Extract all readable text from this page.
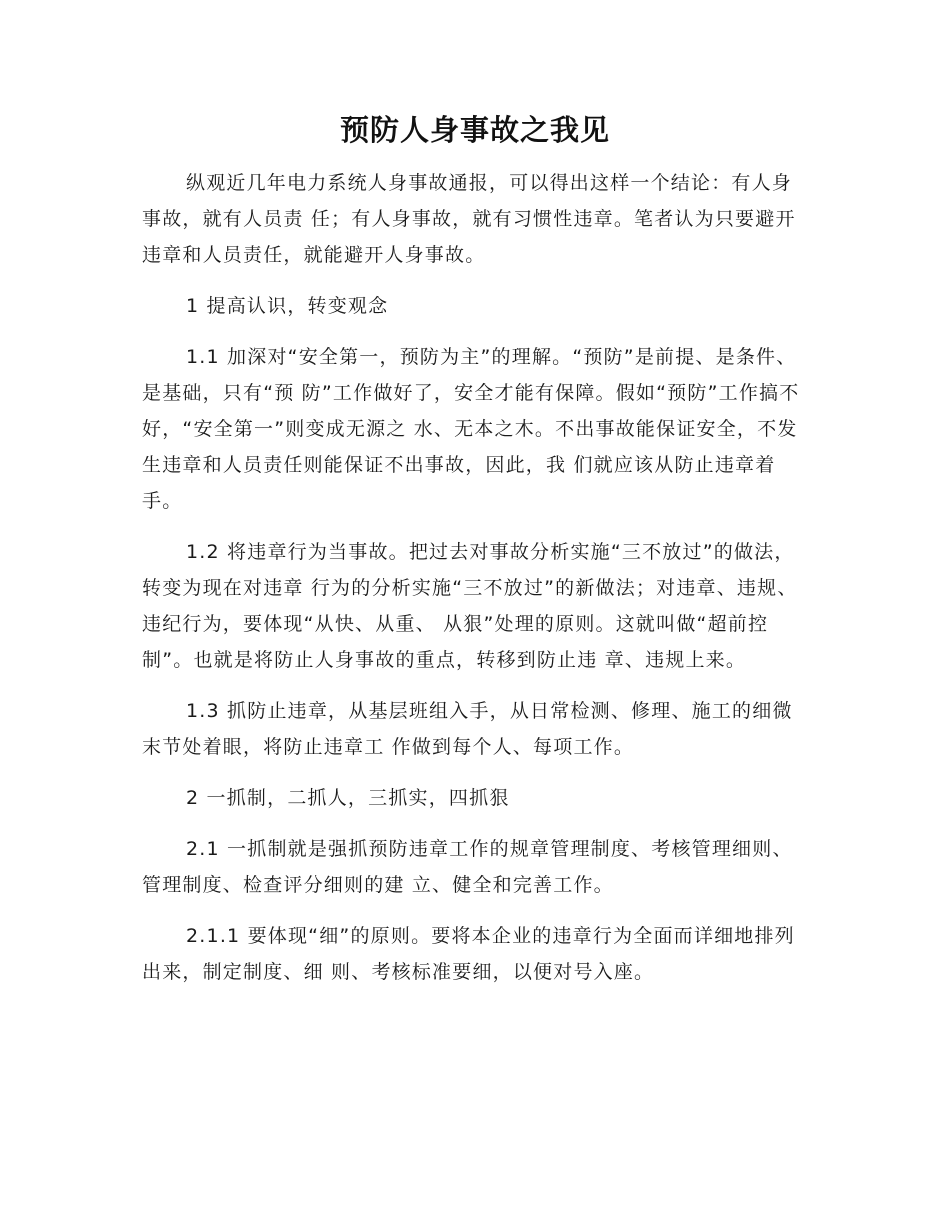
预防人身事故之我见

纵观近几年电力系统人身事故通报，可以得出这样一个结论：有人身事故，就有人员责 任；有人身事故，就有习惯性违章。笔者认为只要避开违章和人员责任，就能避开人身事故。

1 提高认识，转变观念

1.1 加深对“安全第一，预防为主”的理解。“预防”是前提、是条件、是基础，只有“预 防”工作做好了，安全才能有保障。假如“预防”工作搞不好，“安全第一”则变成无源之 水、无本之木。不出事故能保证安全，不发生违章和人员责任则能保证不出事故，因此，我 们就应该从防止违章着手。

1.2 将违章行为当事故。把过去对事故分析实施“三不放过”的做法，转变为现在对违章 行为的分析实施“三不放过”的新做法；对违章、违规、违纪行为，要体现“从快、从重、 从狠”处理的原则。这就叫做“超前控制”。也就是将防止人身事故的重点，转移到防止违 章、违规上来。

1.3 抓防止违章，从基层班组入手，从日常检测、修理、施工的细微末节处着眼，将防止违章工 作做到每个人、每项工作。

2 一抓制，二抓人，三抓实，四抓狠

2.1 一抓制就是强抓预防违章工作的规章管理制度、考核管理细则、管理制度、检查评分细则的建 立、健全和完善工作。

2.1.1 要体现“细”的原则。要将本企业的违章行为全面而详细地排列出来，制定制度、细 则、考核标准要细，以便对号入座。
